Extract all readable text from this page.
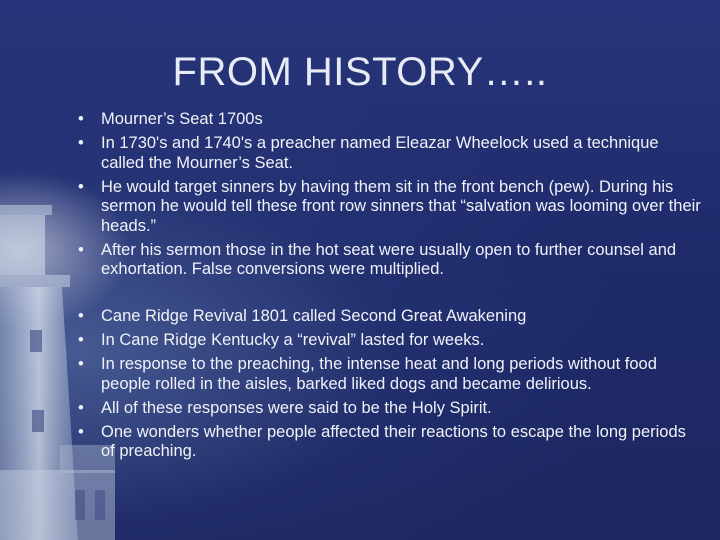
FROM HISTORY…..
• Mourner’s Seat 1700s
• In 1730's and 1740's a preacher named Eleazar Wheelock used a technique called the Mourner’s Seat.
• He would target sinners by having them sit in the front bench (pew). During his sermon he would tell these front row sinners that “salvation was looming over their heads.”
• After his sermon those in the hot seat were usually open to further counsel and exhortation. False conversions were multiplied.
• Cane Ridge Revival 1801 called Second Great Awakening
• In Cane Ridge Kentucky a “revival” lasted for weeks.
• In response to the preaching, the intense heat and long periods without food people rolled in the aisles, barked liked dogs and became delirious.
• All of these responses were said to be the Holy Spirit.
• One wonders whether people affected their reactions to escape the long periods of preaching.
